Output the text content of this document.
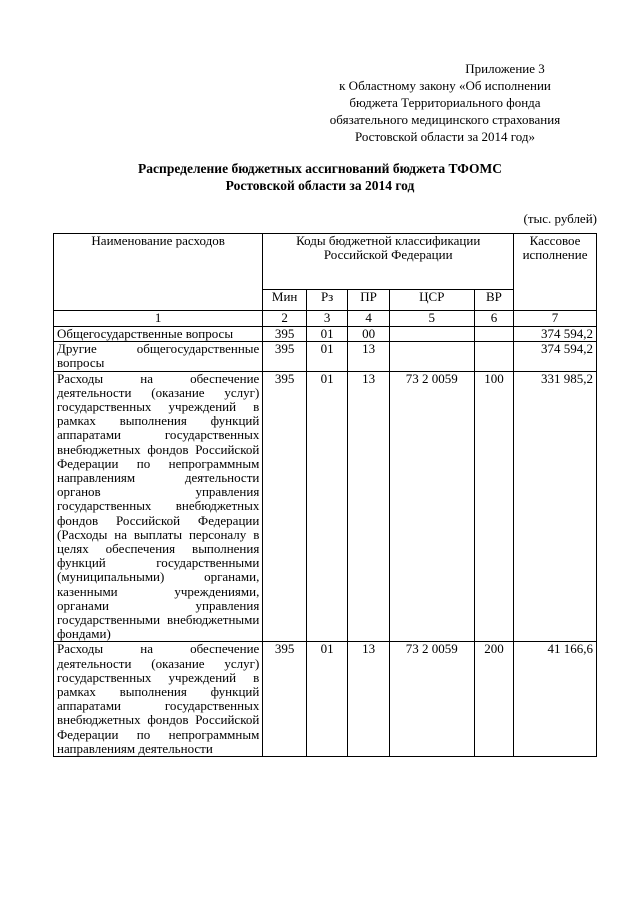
Приложение 3
к Областному закону «Об исполнении
бюджета Территориального фонда
обязательного медицинского страхования
Ростовской области за 2014 год»
Распределение бюджетных ассигнований бюджета ТФОМС
Ростовской области за 2014 год
(тыс. рублей)
Наименование расходов	Коды бюджетной классификации Российской Федерации					Кассовое исполнение
	Мин	Рз	ПР	ЦСР	ВР	
1	2	3	4	5	6	7
Общегосударственные вопросы	395	01	00			374 594,2
Другие общегосударственные вопросы	395	01	13			374 594,2
Расходы на обеспечение деятельности (оказание услуг) государственных учреждений в рамках выполнения функций аппаратами государственных внебюджетных фондов Российской Федерации по непрограммным направлениям деятельности органов управления государственных внебюджетных фондов Российской Федерации (Расходы на выплаты персоналу в целях обеспечения выполнения функций государственными (муниципальными) органами, казенными учреждениями, органами управления государственными внебюджетными фондами)	395	01	13	73 2 0059	100	331 985,2
Расходы на обеспечение деятельности (оказание услуг) государственных учреждений в рамках выполнения функций аппаратами государственных внебюджетных фондов Российской Федерации по непрограммным направлениям деятельности	395	01	13	73 2 0059	200	41 166,6
